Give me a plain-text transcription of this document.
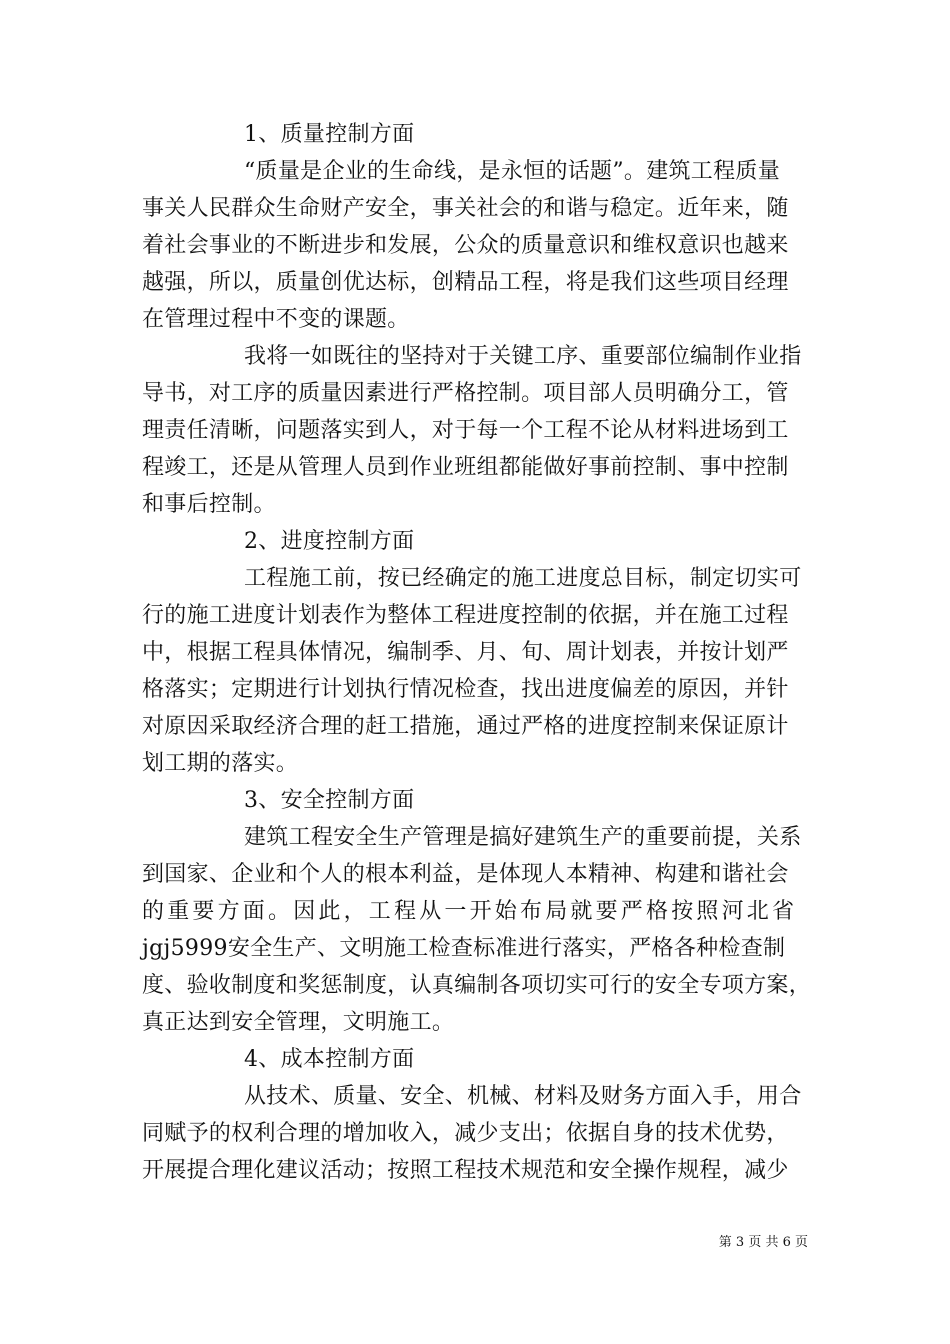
1、质量控制方面
“质量是企业的生命线，是永恒的话题”。建筑工程质量
事关人民群众生命财产安全，事关社会的和谐与稳定。近年来，随
着社会事业的不断进步和发展，公众的质量意识和维权意识也越来
越强，所以，质量创优达标，创精品工程，将是我们这些项目经理
在管理过程中不变的课题。
我将一如既往的坚持对于关键工序、重要部位编制作业指
导书，对工序的质量因素进行严格控制。项目部人员明确分工，管
理责任清晰，问题落实到人，对于每一个工程不论从材料进场到工
程竣工，还是从管理人员到作业班组都能做好事前控制、事中控制
和事后控制。
2、进度控制方面
工程施工前，按已经确定的施工进度总目标，制定切实可
行的施工进度计划表作为整体工程进度控制的依据，并在施工过程
中，根据工程具体情况，编制季、月、旬、周计划表，并按计划严
格落实；定期进行计划执行情况检查，找出进度偏差的原因，并针
对原因采取经济合理的赶工措施，通过严格的进度控制来保证原计
划工期的落实。
3、安全控制方面
建筑工程安全生产管理是搞好建筑生产的重要前提，关系
到国家、企业和个人的根本利益，是体现人本精神、构建和谐社会
的重要方面。因此，工程从一开始布局就要严格按照河北省
jgj5999安全生产、文明施工检查标准进行落实，严格各种检查制
度、验收制度和奖惩制度，认真编制各项切实可行的安全专项方案，
真正达到安全管理，文明施工。
4、成本控制方面
从技术、质量、安全、机械、材料及财务方面入手，用合
同赋予的权利合理的增加收入，减少支出；依据自身的技术优势，
开展提合理化建议活动；按照工程技术规范和安全操作规程，减少
第 3 页 共 6 页
